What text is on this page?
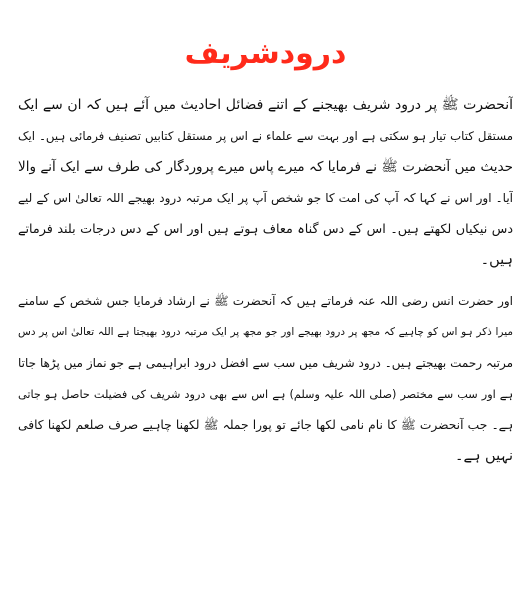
درودشریف
آنحضرت ﷺ پر درود شریف بھیجنے کے اتنے فضائل احادیث میں آئے ہیں کہ ان سے ایک
مستقل کتاب تیار ہو سکتی ہے اور بہت سے علماء نے اس پر مستقل کتابیں تصنیف فرمائی ہیں۔ ایک
حدیث میں آنحضرت ﷺ نے فرمایا کہ میرے پاس میرے پروردگار کی طرف سے ایک آنے والا
آیا۔ اور اس نے کہا کہ آپ کی امت کا جو شخص آپ پر ایک مرتبہ درود بھیجے اللہ تعالیٰ اس کے لیے
دس نیکیاں لکھتے ہیں۔ اس کے دس گناہ معاف ہوتے ہیں اور اس کے دس درجات بلند فرماتے
ہیں۔
اور حضرت انس رضی اللہ عنہ فرماتے ہیں کہ آنحضرت ﷺ نے ارشاد فرمایا جس شخص کے سامنے
میرا ذکر ہو اس کو چاہیے کہ مجھ پر درود بھیجے اور جو مجھ پر ایک مرتبہ درود بھیجتا ہے اللہ تعالیٰ اس پر دس
مرتبہ رحمت بھیجتے ہیں۔ درود شریف میں سب سے افضل درود ابراہیمی ہے جو نماز میں پڑھا جاتا
ہے اور سب سے مختصر (صلی اللہ علیہ وسلم) ہے اس سے بھی درود شریف کی فضیلت حاصل ہو جاتی
ہے۔ جب آنحضرت ﷺ کا نام نامی لکھا جائے تو پورا جملہ ﷺ لکھنا چاہیے صرف صلعم لکھنا کافی
نہیں ہے۔
